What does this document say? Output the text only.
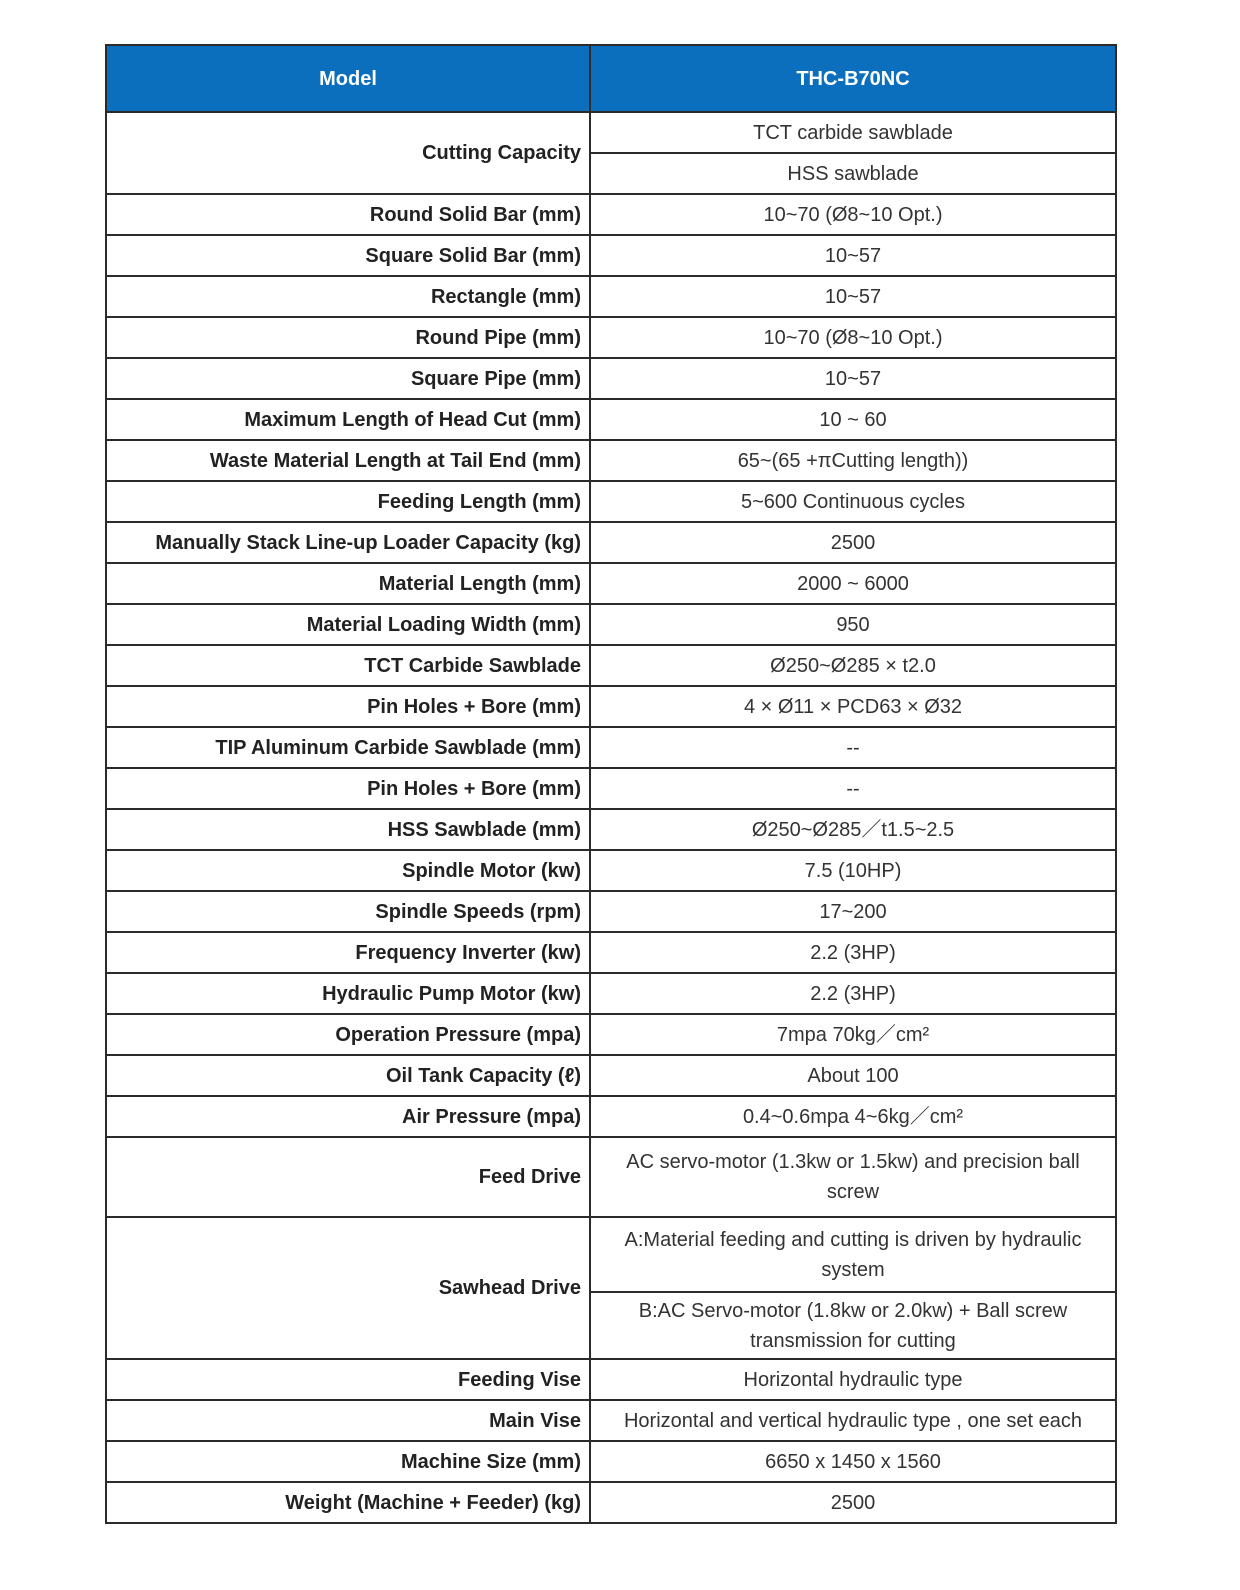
Model	THC-B70NC
Cutting Capacity	TCT carbide sawblade
	HSS sawblade
Round Solid Bar (mm)	10~70 (Ø8~10 Opt.)
Square Solid Bar (mm)	10~57
Rectangle (mm)	10~57
Round Pipe (mm)	10~70 (Ø8~10 Opt.)
Square Pipe (mm)	10~57
Maximum Length of Head Cut (mm)	10 ~ 60
Waste Material Length at Tail End (mm)	65~(65 +πCutting length))
Feeding Length (mm)	5~600 Continuous cycles
Manually Stack Line-up Loader Capacity (kg)	2500
Material Length (mm)	2000 ~ 6000
Material Loading Width (mm)	950
TCT Carbide Sawblade	Ø250~Ø285 × t2.0
Pin Holes + Bore (mm)	4 × Ø11 × PCD63 × Ø32
TIP Aluminum Carbide Sawblade (mm)	--
Pin Holes + Bore (mm)	--
HSS Sawblade (mm)	Ø250~Ø285／t1.5~2.5
Spindle Motor (kw)	7.5 (10HP)
Spindle Speeds (rpm)	17~200
Frequency Inverter (kw)	2.2 (3HP)
Hydraulic Pump Motor (kw)	2.2 (3HP)
Operation Pressure (mpa)	7mpa 70kg／cm²
Oil Tank Capacity (ℓ)	About 100
Air Pressure (mpa)	0.4~0.6mpa 4~6kg／cm²
Feed Drive	AC servo-motor (1.3kw or 1.5kw) and precision ball screw
Sawhead Drive	A:Material feeding and cutting is driven by hydraulic system
	B:AC Servo-motor (1.8kw or 2.0kw) + Ball screw transmission for cutting
Feeding Vise	Horizontal hydraulic type
Main Vise	Horizontal and vertical hydraulic type , one set each
Machine Size (mm)	6650 x 1450 x 1560
Weight (Machine + Feeder) (kg)	2500
